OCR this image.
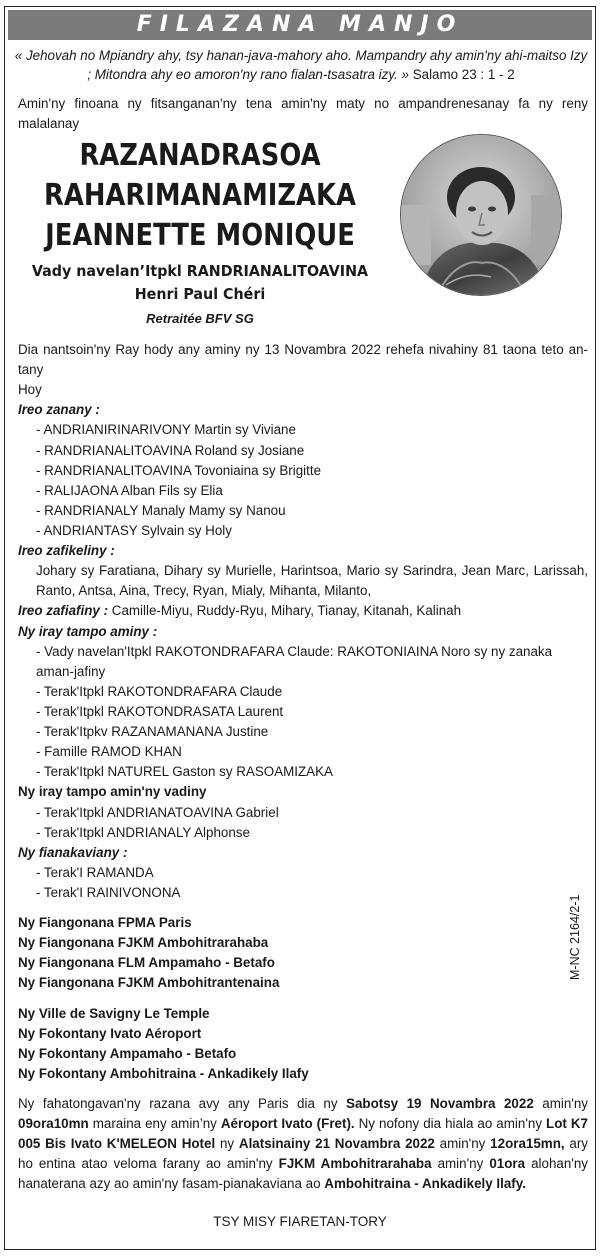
FILAZANA MANJO
« Jehovah no Mpiandry ahy, tsy hanan-java-mahory aho. Mampandry ahy amin'ny ahi-maitso Izy ; Mitondra ahy eo amoron'ny rano fialan-tsasatra izy. » Salamo 23 : 1 - 2
Amin'ny finoana ny fitsanganan'ny tena amin'ny maty no ampandrenesanay fa ny reny malalanay
RAZANADRASOA
RAHARIMANAMIZAKA
JEANNETTE MONIQUE
Vady navelan’Itpkl RANDRIANALITOAVINA
Henri Paul Chéri
Retraitée BFV SG

Dia nantsoin'ny Ray hody any aminy ny 13 Novambra 2022 rehefa nivahiny 81 taona teto an-tany

Hoy

Ireo zanany :
- ANDRIANIRINARIVONY Martin sy Viviane
- RANDRIANALITOAVINA Roland sy Josiane
- RANDRIANALITOAVINA Tovoniaina sy Brigitte
- RALIJAONA Alban Fils sy Elia
- RANDRIANALY Manaly Mamy sy Nanou
- ANDRIANTASY Sylvain sy Holy
Ireo zafikeliny :

Johary sy Faratiana, Dihary sy Murielle, Harintsoa, Mario sy Sarindra, Jean Marc, Larissah, Ranto, Antsa, Aina, Trecy, Ryan, Mialy, Mihanta, Milanto,

Ireo zafiafiny : Camille-Miyu, Ruddy-Ryu, Mihary, Tianay, Kitanah, Kalinah

Ny iray tampo aminy :
- Vady navelan'Itpkl RAKOTONDRAFARA Claude: RAKOTONIAINA Noro sy ny zanaka aman-jafiny
- Terak'Itpkl RAKOTONDRAFARA Claude
- Terak'Itpkl RAKOTONDRASATA Laurent
- Terak'Itpkv RAZANAMANANA Justine
- Famille RAMOD KHAN
- Terak'Itpkl NATUREL Gaston sy RASOAMIZAKA
Ny iray tampo amin'ny vadiny
- Terak'Itpkl ANDRIANATOAVINA Gabriel
- Terak'Itpkl ANDRIANALY Alphonse
Ny fianakaviany :
- Terak'I RAMANDA
- Terak'I RAINIVONONA
Ny Fiangonana FPMA Paris
Ny Fiangonana FJKM Ambohitrarahaba
Ny Fiangonana FLM Ampamaho - Betafo
Ny Fiangonana FJKM Ambohitrantenaina
Ny Ville de Savigny Le Temple
Ny Fokontany Ivato Aéroport
Ny Fokontany Ampamaho - Betafo
Ny Fokontany Ambohitraina - Ankadikely Ilafy
M-NC 2164/2-1

Ny fahatongavan'ny razana avy any Paris dia ny Sabotsy 19 Novambra 2022 amin'ny 09ora10mn maraina eny amin’ny Aéroport Ivato (Fret). Ny nofony dia hiala ao amin'ny Lot K7 005 Bis Ivato K'MELEON Hotel ny Alatsinainy 21 Novambra 2022 amin'ny 12ora15mn, ary ho entina atao veloma farany ao amin'ny FJKM Ambohitrarahaba amin'ny 01ora alohan'ny hanaterana azy ao amin'ny fasam-pianakaviana ao Ambohitraina - Ankadikely Ilafy.

TSY MISY FIARETAN-TORY
